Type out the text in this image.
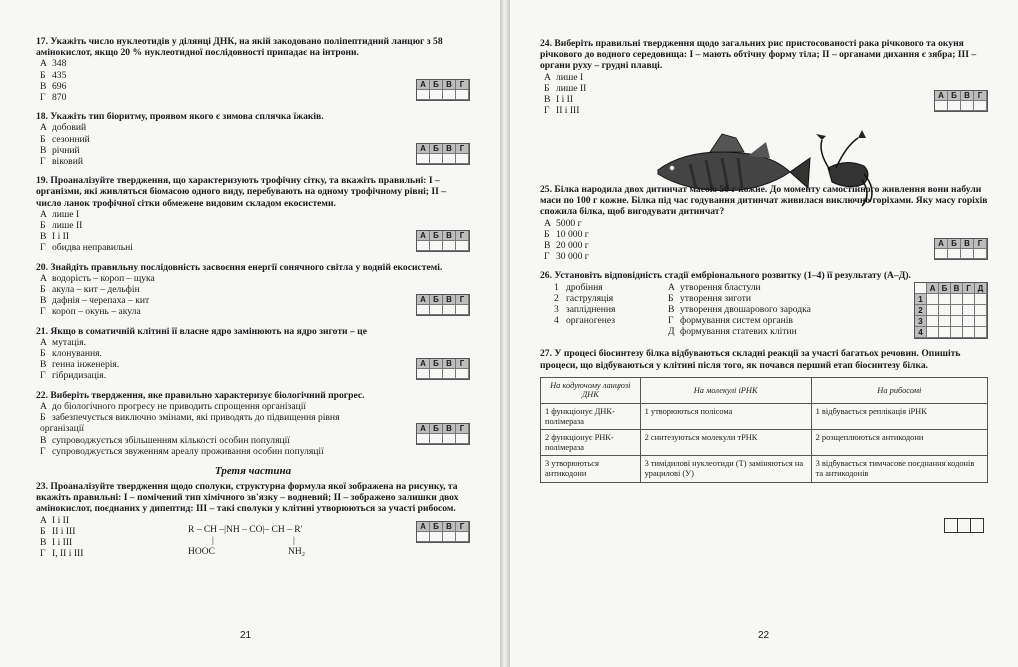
17. Укажіть число нуклеотидів у ділянці ДНК, на якій закодовано поліпептидний ланцюг з 58 амінокислот, якщо 20 % нуклеотидної послідовності припадає на інтрони.
А 348
Б 435
В 696
Г 870
А Б В Г
18. Укажіть тип біоритму, проявом якого є зимова сплячка їжаків.
А добовий
Б сезонний
В річний
Г віковий
А Б В Г
19. Проаналізуйте твердження, що характеризують трофічну сітку, та вкажіть правильні: І – організми, які живляться біомасою одного виду, перебувають на одному трофічному рівні; ІІ – число ланок трофічної сітки обмежене видовим складом екосистеми.
А лише І
Б лише ІІ
В І і ІІ
Г обидва неправильні
А Б В Г
20. Знайдіть правильну послідовність засвоєння енергії сонячного світла у водній екосистемі.
А водорість – короп – щука
Б акула – кит – дельфін
В дафнія – черепаха – кит
Г короп – окунь – акула
А Б В Г
21. Якщо в соматичній клітині її власне ядро замінюють на ядро зиготи – це
А мутація.
Б клонування.
В генна інженерія.
Г гібридизація.
А Б В Г
22. Виберіть твердження, яке правильно характеризує біологічний прогрес.
А до біологічного прогресу не приводить спрощення організації
Б забезпечується виключно змінами, які приводять до підвищення рівня організації
В супроводжується збільшенням кількості особин популяції
Г супроводжується звуженням ареалу проживання особин популяції
А Б В Г
Третя частина
23. Проаналізуйте твердження щодо сполуки, структурна формула якої зображена на рисунку, та вкажіть правильні: І – помічений тип хімічного зв'язку – водневий; ІІ – зображено залишки двох амінокислот, поєднаних у дипептид: ІІІ – такі сполуки у клітині утворюються за участі рибосом.
А І і ІІ
Б ІІ і ІІІ
В І і ІІІ
Г І, ІІ і ІІІ
R – CH –|NH – CO|– CH – R'
|	|
HOOC	NH₂
А Б В Г
21
24. Виберіть правильні твердження щодо загальних рис пристосованості рака річкового та окуня річкового до водного середовища: І – мають обтічну форму тіла; ІІ – органами дихання є зябра; ІІІ – органи руху – грудні плавці.
А лише І
Б лише ІІ
В І і ІІ
Г ІІ і ІІІ
А Б В Г
25. Білка народила двох дитинчат масою 50 г кожне. До моменту самостійного живлення вони набули маси по 100 г кожне. Білка під час годування дитинчат живилася виключно горіхами. Яку масу горіхів спожила білка, щоб вигодувати дитинчат?
А 5000 г
Б 10 000 г
В 20 000 г
Г 30 000 г
А Б В Г
26. Установіть відповідність стадії ембріонального розвитку (1–4) її результату (А–Д).
1 дробіння
2 гаструляція
3 запліднення
4 органогенез
А утворення бластули
Б утворення зиготи
В утворення двошарового зародка
Г формування систем органів
Д формування статевих клітин
А Б В Г Д
1
2
3
4
27. У процесі біосинтезу білка відбуваються складні реакції за участі багатьох речовин. Опишіть процеси, що відбуваються у клітині після того, як почався перший етап біосинтезу білка.
На кодуючому ланцюзі ДНК	На молекулі іРНК	На рибосомі
1 функціонує ДНК-полімераза	1 утворюються полісома	1 відбувається реплікація іРНК
2 функціонує РНК-полімераза	2 синтезуються молекули тРНК	2 розщеплюються антикодони
3 утворюються антикодони	3 тимідилові нуклеотиди (Т) заміняються на урацилові (У)	3 відбувається тимчасове поєднання кодонів та антикодонів
22
